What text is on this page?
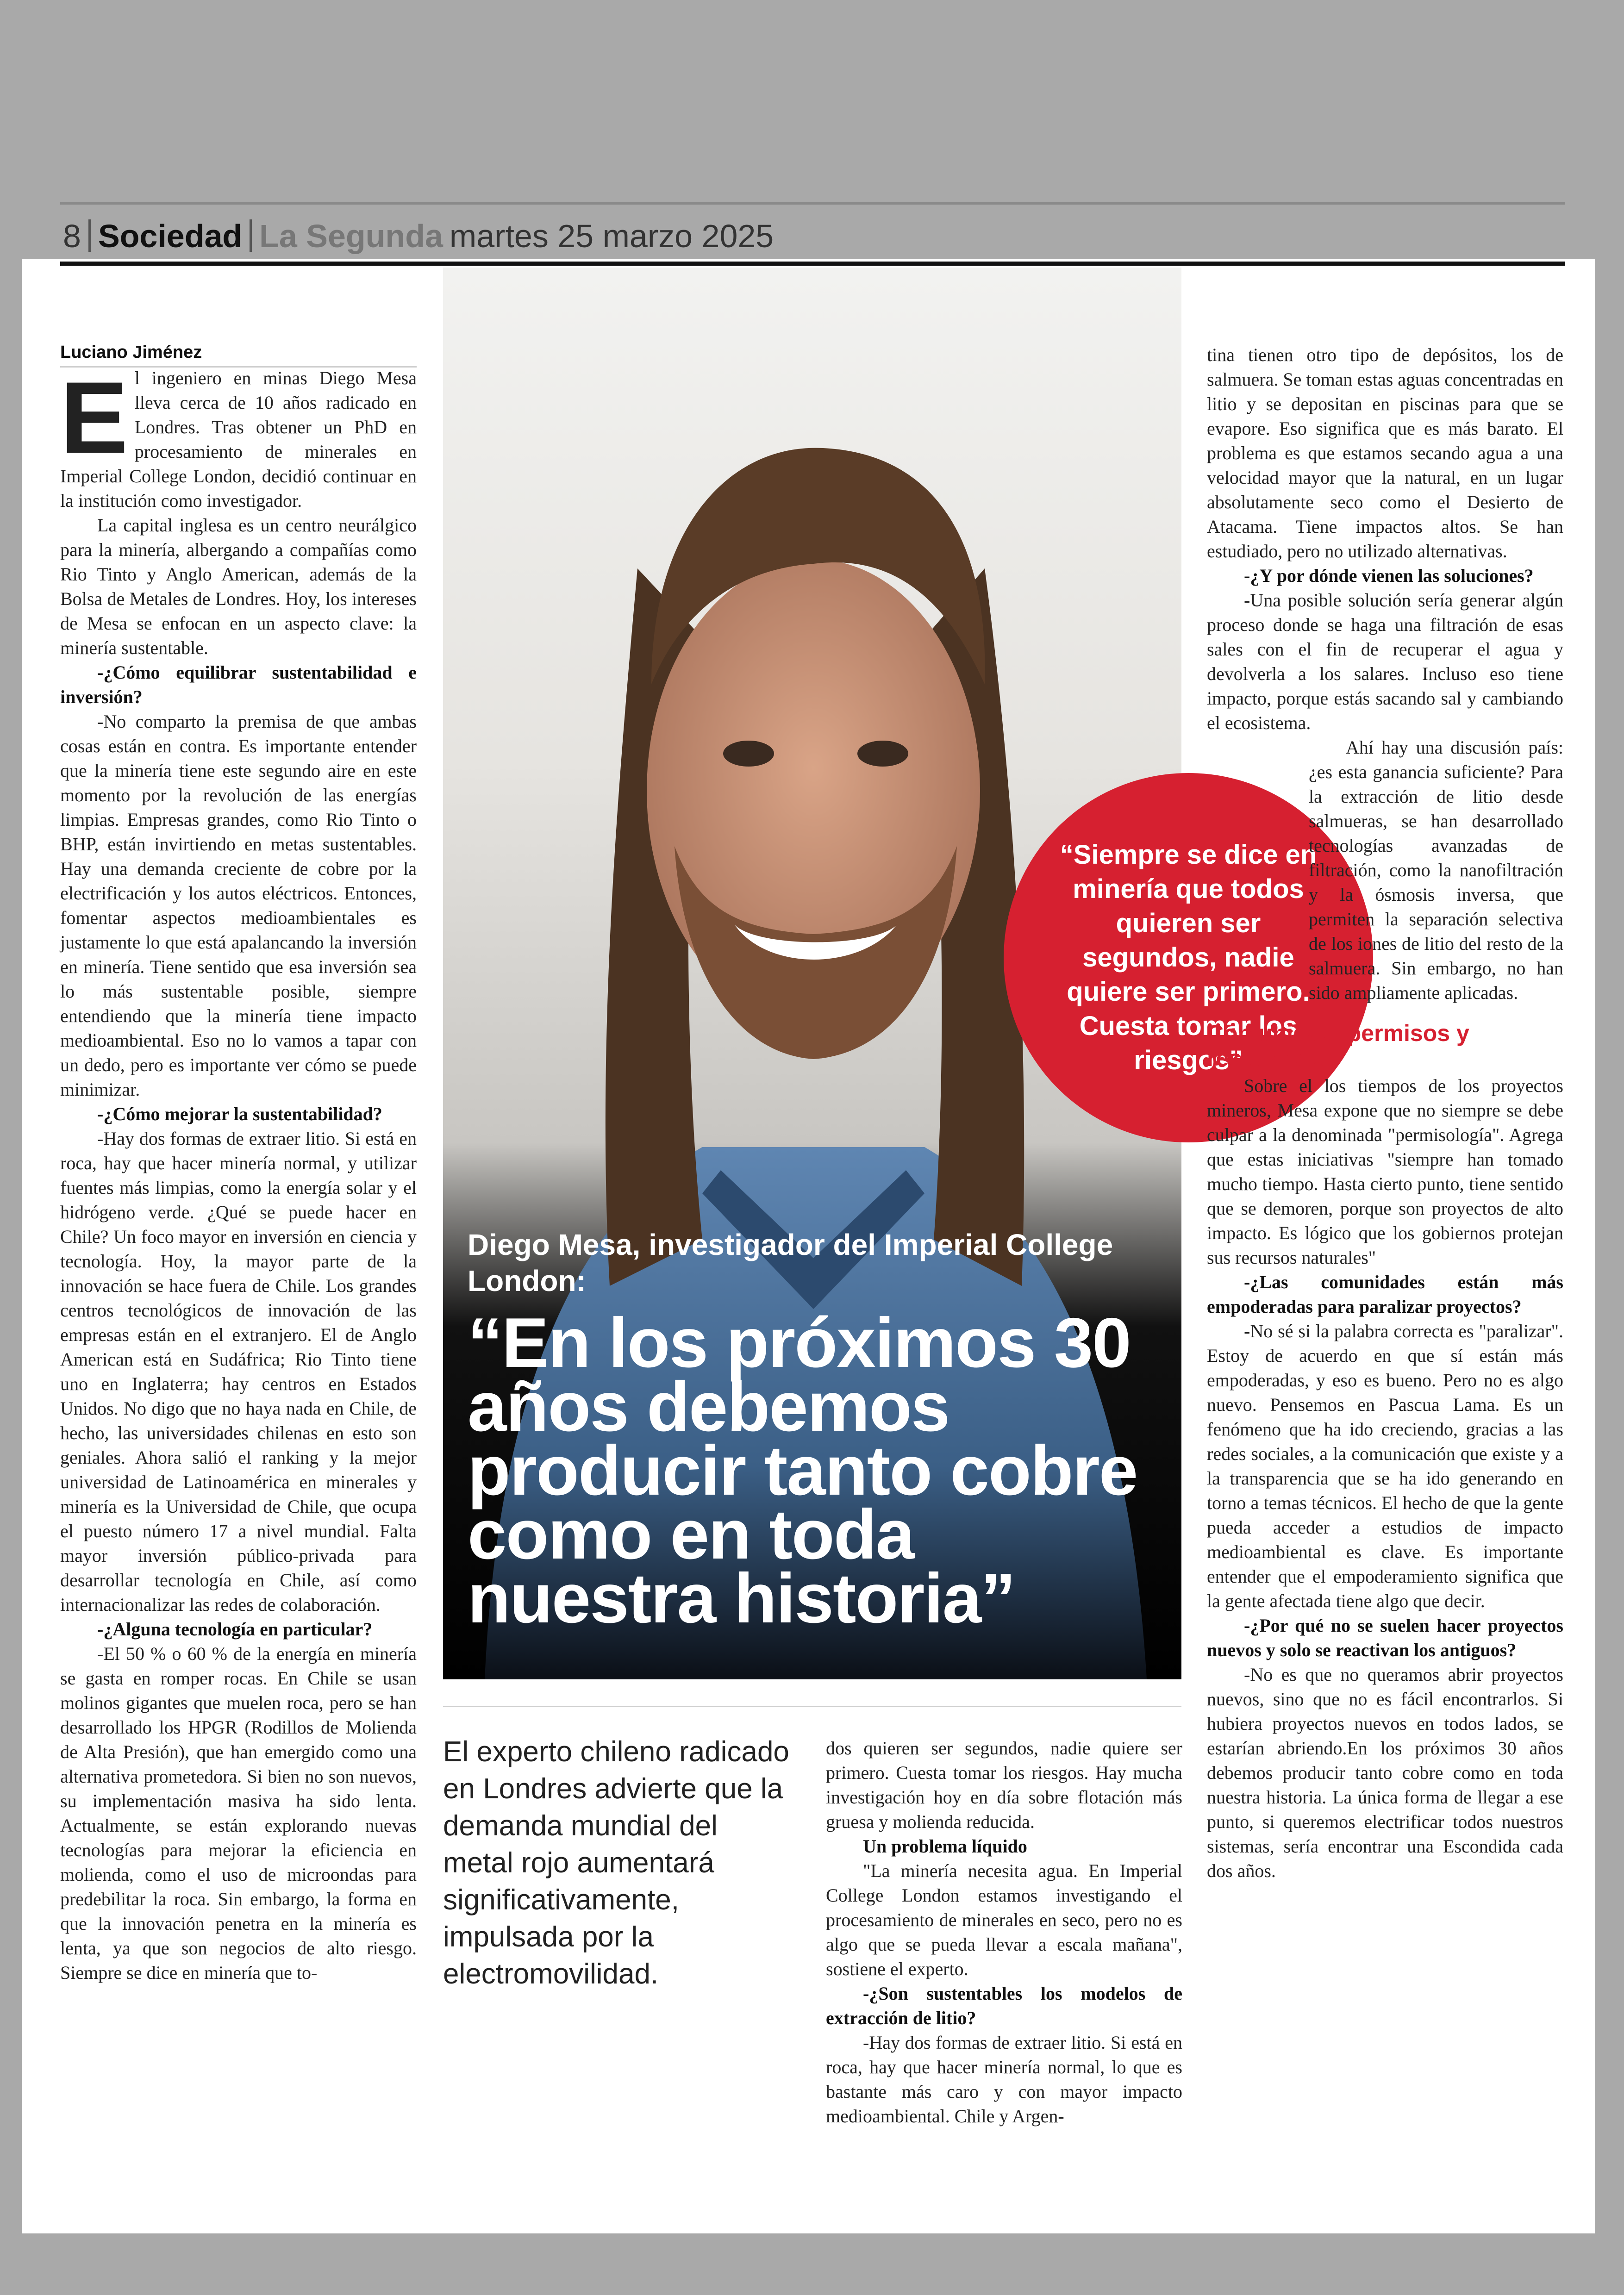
8 Sociedad La Segunda martes 25 marzo 2025
Luciano Jiménez
E l ingeniero en minas Diego Mesa lleva cerca de 10 años radicado en Londres. Tras obtener un PhD en procesamiento de minerales en Imperial College London, decidió continuar en la institución como investigador.

La capital inglesa es un centro neurálgico para la minería, albergando a compañías como Rio Tinto y Anglo American, además de la Bolsa de Metales de Londres. Hoy, los intereses de Mesa se enfocan en un aspecto clave: la minería sustentable.

-¿Cómo equilibrar sustentabilidad e inversión?

-No comparto la premisa de que ambas cosas están en contra. Es importante entender que la minería tiene este segundo aire en este momento por la revolución de las energías limpias. Empresas grandes, como Rio Tinto o BHP, están invirtiendo en metas sustentables. Hay una demanda creciente de cobre por la electrificación y los autos eléctricos. Entonces, fomentar aspectos medioambientales es justamente lo que está apalancando la inversión en minería. Tiene sentido que esa inversión sea lo más sustentable posible, siempre entendiendo que la minería tiene impacto medioambiental. Eso no lo vamos a tapar con un dedo, pero es importante ver cómo se puede minimizar.

-¿Cómo mejorar la sustentabilidad?

-Hay dos formas de extraer litio. Si está en roca, hay que hacer minería normal, y utilizar fuentes más limpias, como la energía solar y el hidrógeno verde. ¿Qué se puede hacer en Chile? Un foco mayor en inversión en ciencia y tecnología. Hoy, la mayor parte de la innovación se hace fuera de Chile. Los grandes centros tecnológicos de innovación de las empresas están en el extranjero. El de Anglo American está en Sudáfrica; Rio Tinto tiene uno en Inglaterra; hay centros en Estados Unidos. No digo que no haya nada en Chile, de hecho, las universidades chilenas en esto son geniales. Ahora salió el ranking y la mejor universidad de Latinoamérica en minerales y minería es la Universidad de Chile, que ocupa el puesto número 17 a nivel mundial. Falta mayor inversión público-privada para desarrollar tecnología en Chile, así como internacionalizar las redes de colaboración.

-¿Alguna tecnología en particular?

-El 50 % o 60 % de la energía en minería se gasta en romper rocas. En Chile se usan molinos gigantes que muelen roca, pero se han desarrollado los HPGR (Rodillos de Molienda de Alta Presión), que han emergido como una alternativa prometedora. Si bien no son nuevos, su implementación masiva ha sido lenta. Actualmente, se están explorando nuevas tecnologías para mejorar la eficiencia en molienda, como el uso de microondas para predebilitar la roca. Sin embargo, la forma en que la innovación penetra en la minería es lenta, ya que son negocios de alto riesgo. Siempre se dice en minería que to-

Diego Mesa, investigador del Imperial College London:
“En los próximos 30 años debemos producir tanto cobre como en toda nuestra historia”
“Siempre se dice en minería que todos quieren ser segundos, nadie quiere ser primero. Cuesta tomar los riesgos”
El experto chileno radicado en Londres advierte que la demanda mundial del metal rojo aumentará significativamente, impulsada por la electromovilidad.

dos quieren ser segundos, nadie quiere ser primero. Cuesta tomar los riesgos. Hay mucha investigación hoy en día sobre flotación más gruesa y molienda reducida.

Un problema líquido

"La minería necesita agua. En Imperial College London estamos investigando el procesamiento de minerales en seco, pero no es algo que se pueda llevar a escala mañana", sostiene el experto.

-¿Son sustentables los modelos de extracción de litio?

-Hay dos formas de extraer litio. Si está en roca, hay que hacer minería normal, lo que es bastante más caro y con mayor impacto medioambiental. Chile y Argen-

tina tienen otro tipo de depósitos, los de salmuera. Se toman estas aguas concentradas en litio y se depositan en piscinas para que se evapore. Eso significa que es más barato. El problema es que estamos secando agua a una velocidad mayor que la natural, en un lugar absolutamente seco como el Desierto de Atacama. Tiene impactos altos. Se han estudiado, pero no utilizado alternativas.

-¿Y por dónde vienen las soluciones?

-Una posible solución sería generar algún proceso donde se haga una filtración de esas sales con el fin de recuperar el agua y devolverla a los salares. Incluso eso tiene impacto, porque estás sacando sal y cambiando el ecosistema.

Ahí hay una discusión país: ¿es esta ganancia suficiente? Para la extracción de litio desde salmueras, se han desarrollado tecnologías avanzadas de filtración, como la nanofiltración y la ósmosis inversa, que permiten la separación selectiva de los iones de litio del resto de la salmuera. Sin embargo, no han sido ampliamente aplicadas.

Comunidad, permisos y resguardos

Sobre el los tiempos de los proyectos mineros, Mesa expone que no siempre se debe culpar a la denominada "permisología". Agrega que estas iniciativas "siempre han tomado mucho tiempo. Hasta cierto punto, tiene sentido que se demoren, porque son proyectos de alto impacto. Es lógico que los gobiernos protejan sus recursos naturales"

-¿Las comunidades están más empoderadas para paralizar proyectos?

-No sé si la palabra correcta es "paralizar". Estoy de acuerdo en que sí están más empoderadas, y eso es bueno. Pero no es algo nuevo. Pensemos en Pascua Lama. Es un fenómeno que ha ido creciendo, gracias a las redes sociales, a la comunicación que existe y a la transparencia que se ha ido generando en torno a temas técnicos. El hecho de que la gente pueda acceder a estudios de impacto medioambiental es clave. Es importante entender que el empoderamiento significa que la gente afectada tiene algo que decir.

-¿Por qué no se suelen hacer proyectos nuevos y solo se reactivan los antiguos?

-No es que no queramos abrir proyectos nuevos, sino que no es fácil encontrarlos. Si hubiera proyectos nuevos en todos lados, se estarían abriendo.En los próximos 30 años debemos producir tanto cobre como en toda nuestra historia. La única forma de llegar a ese punto, si queremos electrificar todos nuestros sistemas, sería encontrar una Escondida cada dos años.
